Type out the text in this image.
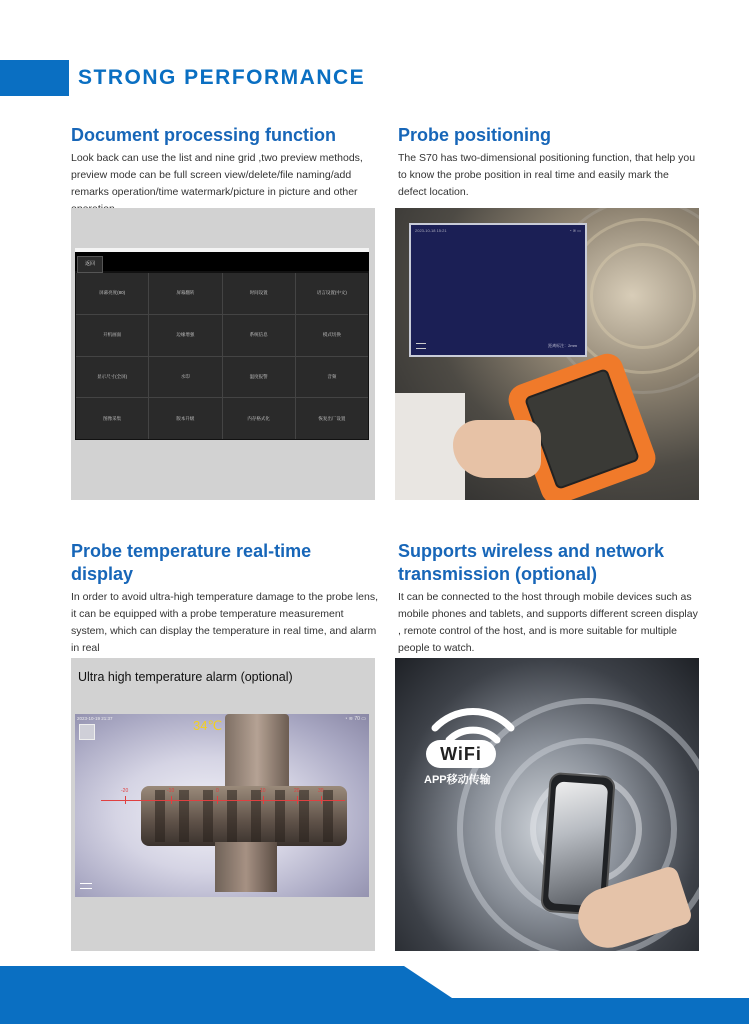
STRONG PERFORMANCE
Document processing function
Look back can use the list and nine grid ,two preview methods, preview mode can be full screen view/delete/file naming/add remarks operation/time watermark/picture in picture and other
返回
屏幕亮度(80)	屏幕翻转	时间设置	语言设置(中文)
开机画面	边缘增强	系统信息	模式切换
显示尺寸(全屏)	水印	温度报警	音频
图像采集	版本升级	内存格式化	恢复出厂设置
Probe positioning
The S70 has two-dimensional positioning function, that help you to know the probe position in real time and easily mark the defect location.
2023-10-18 15:21	◔ ≋ ▭
距离标注：2mm
Probe temperature real-time display
In order to avoid ultra-high temperature damage to the probe lens, it can be equipped with a probe temperature measurement system, which can display the temperature in real time, and alarm in real
Ultra high temperature alarm (optional)
-20	-10	0	10	20	30
2023-10-19 21:37	◔ ≋ 70 ▭
34℃
Supports wireless and network transmission (optional)
It can be connected to the host through mobile devices such as mobile phones and tablets, and supports different screen display , remote control of the host, and is more suitable for multiple people to watch.
WiFi
APP移动传输
